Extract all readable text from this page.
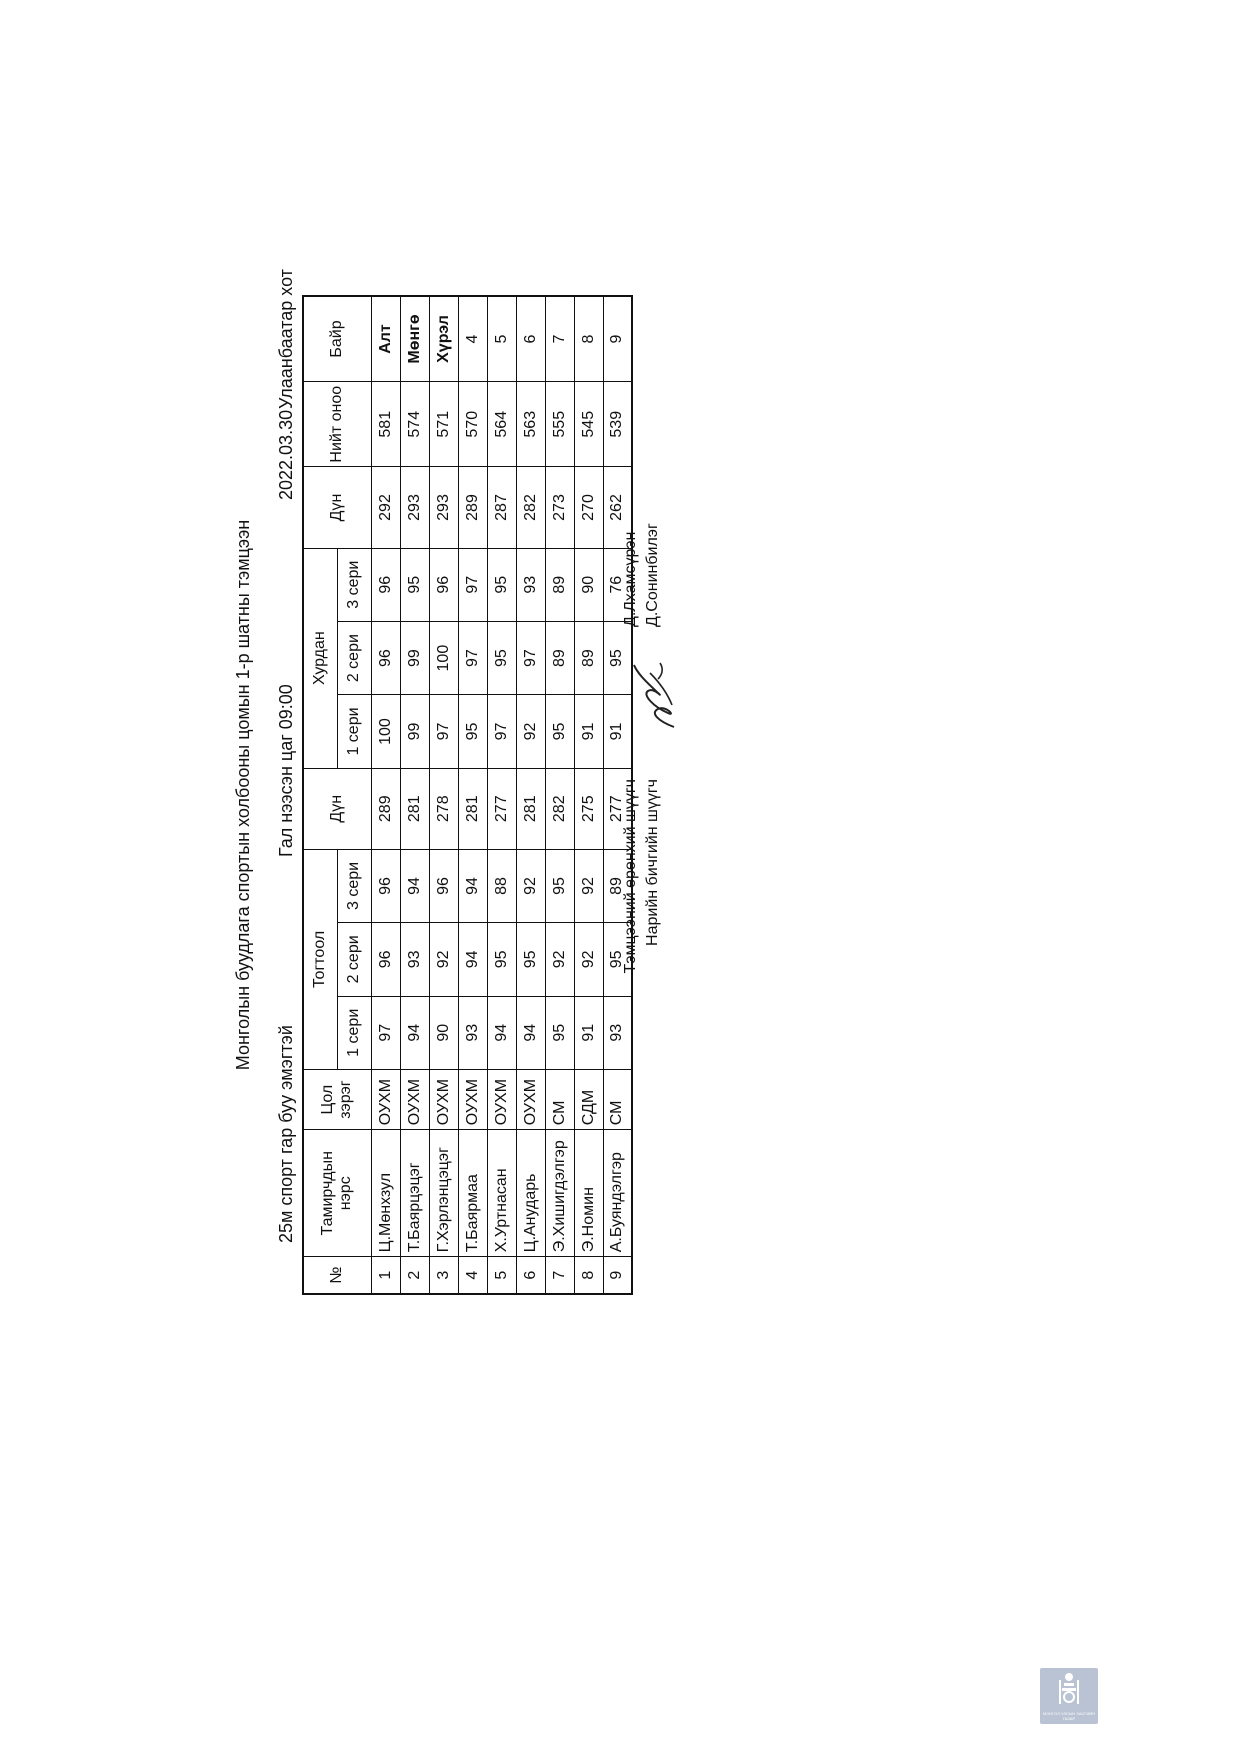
Монголын буудлага спортын холбооны цомын 1-р шатны тэмцээн
25м спорт гар буу эмэгтэй
Гал нээсэн цаг 09:00
2022.03.30
Улаанбаатар хот
№	Тамирчдын нэрс	Цол зэрэг	Тогтоол			Дүн	Хурдан			Дүн	Нийт оноо	Байр
			1 сери	2 сери	3 сери		1 сери	2 сери	3 сери			
1	Ц.Мөнхзул	ОУХМ	97	96	96	289	100	96	96	292	581	Алт
2	Т.Баярцэцэг	ОУХМ	94	93	94	281	99	99	95	293	574	Мөнгө
3	Г.Хэрлэнцэцэг	ОУХМ	90	92	96	278	97	100	96	293	571	Хүрэл
4	Т.Баярмаа	ОУХМ	93	94	94	281	95	97	97	289	570	4
5	Х.Уртнасан	ОУХМ	94	95	88	277	97	95	95	287	564	5
6	Ц.Анударь	ОУХМ	94	95	92	281	92	97	93	282	563	6
7	Э.Хишигдэлгэр	СМ	95	92	95	282	95	89	89	273	555	7
8	Э.Номин	СДМ	91	92	92	275	91	89	90	270	545	8
9	А.Буяндэлгэр	СМ	93	95	89	277	91	95	76	262	539	9
Тэмцээний ерөнхий шүүгч Нарийн бичгийн шүүгч
Д.Лхамсүрэн Д.Сонинбилэг
МОНГОЛ УЛСЫН ЗАСГИЙН ГАЗАР
